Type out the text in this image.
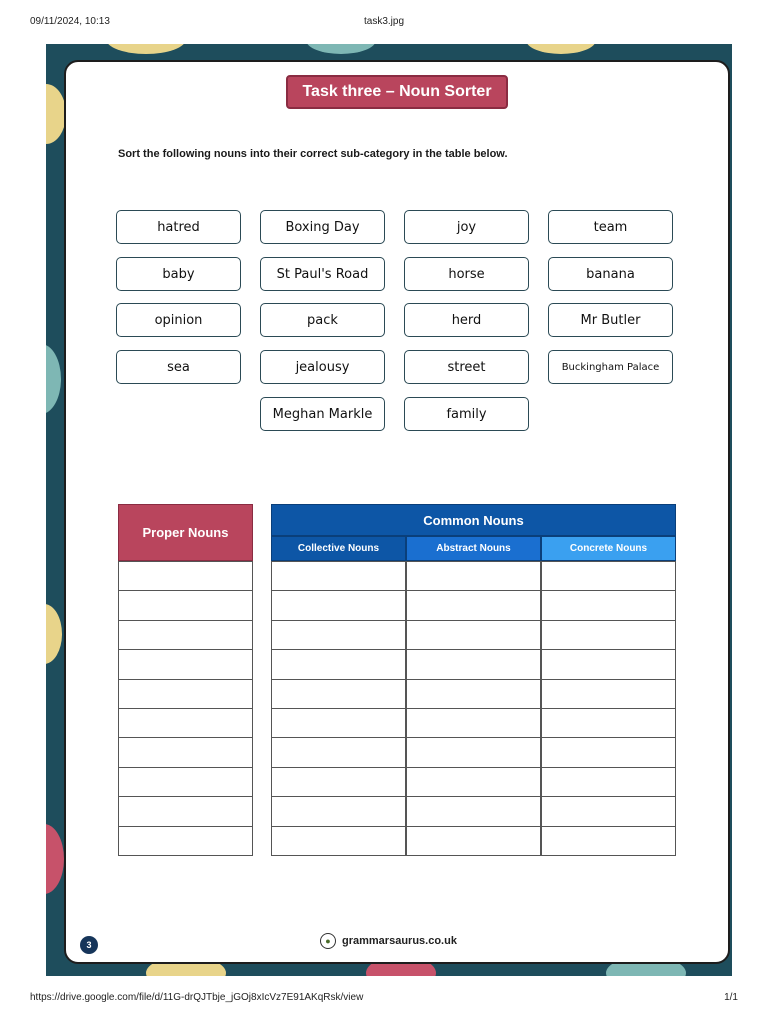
09/11/2024, 10:13	task3.jpg
Task three – Noun Sorter
Sort the following nouns into their correct sub-category in the table below.
hatred	Boxing Day	joy	team
baby	St Paul's Road	horse	banana
opinion	pack	herd	Mr Butler
sea	jealousy	street	Buckingham Palace
Meghan Markle	family
Proper Nouns
Common Nouns
Collective Nouns	Abstract Nouns	Concrete Nouns
3	●	grammarsaurus.co.uk
https://drive.google.com/file/d/11G-drQJTbje_jGOj8xIcVz7E91AKqRsk/view	1/1
